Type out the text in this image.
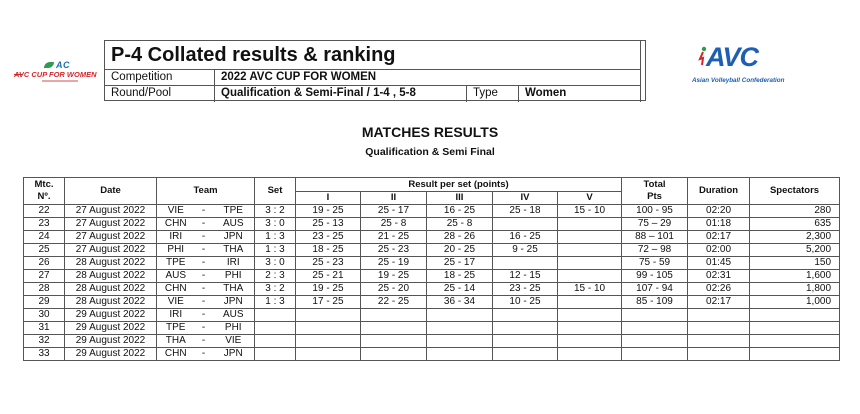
AC
AVC CUP FOR WOMEN
P-4 Collated results & ranking
Competition	2022 AVC CUP FOR WOMEN
Round/Pool	Qualification & Semi-Final / 1-4 , 5-8	Type	Women
AVC
Asian Volleyball Confederation
MATCHES RESULTS
Qualification & Semi Final
Mtc.
Nº.	Date	Team			Set	Result per set (points)					Total
Pts	Duration	Spectators
						I	II	III	IV	V			
22	27 August 2022	VIE	-	TPE	3 : 2	19 - 25	25 - 17	16 - 25	25 - 18	15 - 10	100 - 95	02:20	280
23	27 August 2022	CHN	-	AUS	3 : 0	25 - 13	25 - 8	25 - 8			75 – 29	01:18	635
24	27 August 2022	IRI	-	JPN	1 : 3	23 - 25	21 - 25	28 - 26	16 - 25		88 – 101	02:17	2,300
25	27 August 2022	PHI	-	THA	1 : 3	18 - 25	25 - 23	20 - 25	9 - 25		72 – 98	02:00	5,200
26	28 August 2022	TPE	-	IRI	3 : 0	25 - 23	25 - 19	25 - 17			75 - 59	01:45	150
27	28 August 2022	AUS	-	PHI	2 : 3	25 - 21	19 - 25	18 - 25	12 - 15		99 - 105	02:31	1,600
28	28 August 2022	CHN	-	THA	3 : 2	19 - 25	25 - 20	25 - 14	23 - 25	15 - 10	107 - 94	02:26	1,800
29	28 August 2022	VIE	-	JPN	1 : 3	17 - 25	22 - 25	36 - 34	10 - 25		85 - 109	02:17	1,000
30	29 August 2022	IRI	-	AUS									
31	29 August 2022	TPE	-	PHI									
32	29 August 2022	THA	-	VIE									
33	29 August 2022	CHN	-	JPN									
